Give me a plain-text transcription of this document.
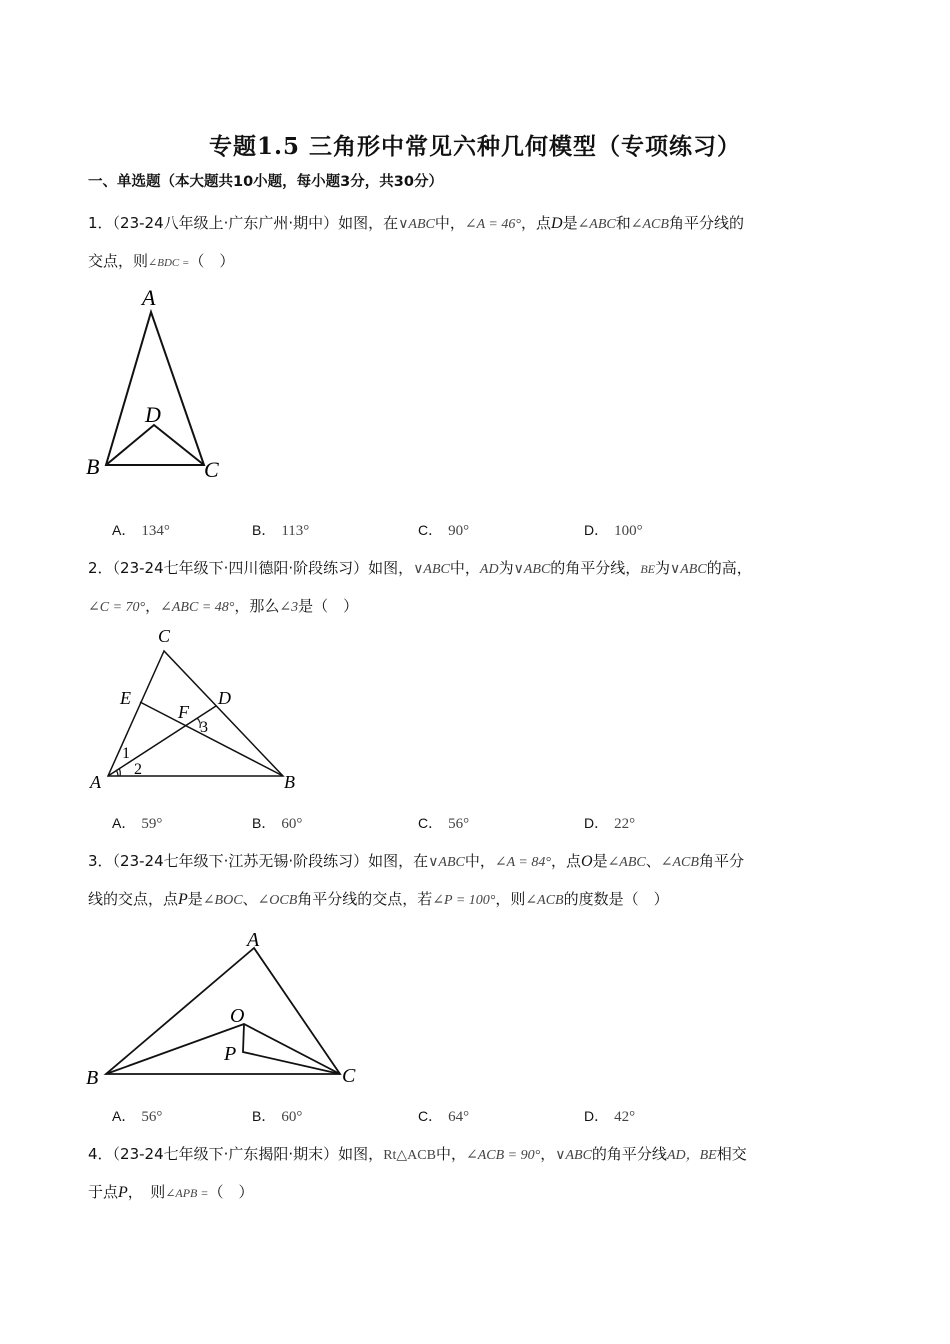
专题1.5 三角形中常见六种几何模型（专项练习）
一、单选题（本大题共10小题，每小题3分，共30分）
1．（23-24八年级上·广东广州·期中）如图，在∨ABC中，∠A = 46°，点D是∠ABC和∠ACB角平分线的
交点，则∠BDC =（　）
A
D
B	C
A． 134°	B． 113°	C． 90°	D． 100°
2．（23-24七年级下·四川德阳·阶段练习）如图，∨ABC中，AD为∨ABC的角平分线，BE为∨ABC的高，
∠C = 70°，∠ABC = 48°，那么∠3是（　）
C
E	D
F
3
1
2
A	B
A． 59°	B． 60°	C． 56°	D． 22°
3．（23-24七年级下·江苏无锡·阶段练习）如图，在∨ABC中，∠A = 84°，点O是∠ABC、∠ACB角平分
线的交点，点P是∠BOC、∠OCB角平分线的交点，若∠P = 100°，则∠ACB的度数是（　）
A
O
P
B	C
A． 56°	B． 60°	C． 64°	D． 42°
4．（23-24七年级下·广东揭阳·期末）如图，Rt△ACB中，∠ACB = 90°，∨ABC的角平分线AD，BE相交
于点P，　则∠APB =（　）
